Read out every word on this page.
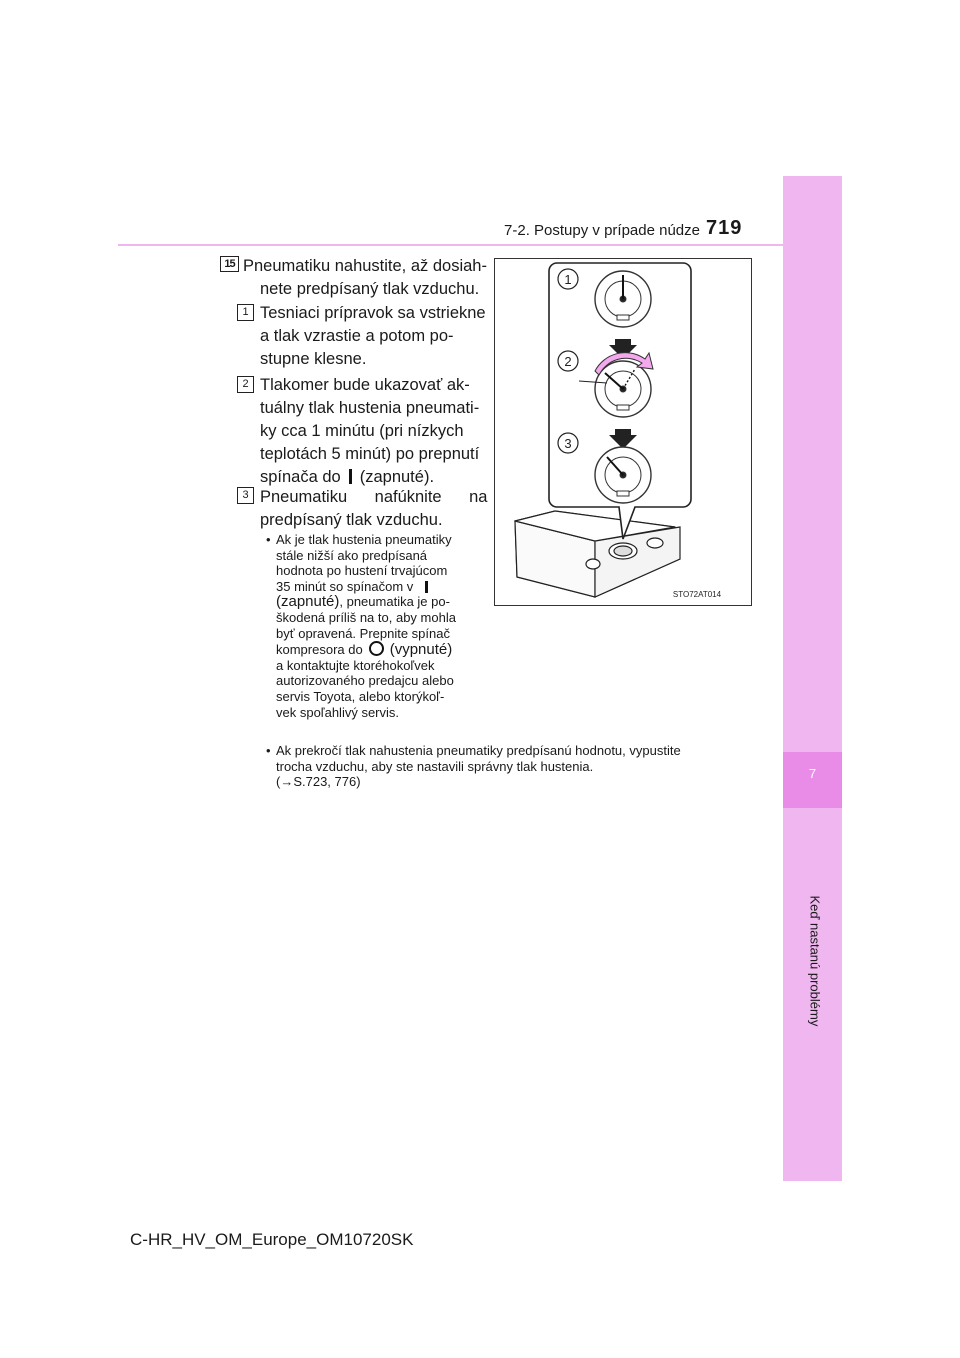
7
Keď nastanú problémy
7-2. Postupy v prípade núdze 719
15 Pneumatiku nahustite, až dosiah-
nete predpísaný tlak vzduchu.
1 Tesniaci prípravok sa vstriekne
a tlak vzrastie a potom po-
stupne klesne.
2 Tlakomer bude ukazovať ak-
tuálny tlak hustenia pneumati-
ky cca 1 minútu (pri nízkych
teplotách 5 minút) po prepnutí
spínača do (zapnuté).
3 Pneumatiku      nafúknite      na
predpísaný tlak vzduchu.
• Ak je tlak hustenia pneumatiky
stále nižší ako predpísaná
hodnota po hustení trvajúcom
35 minút so spínačom v
(zapnuté), pneumatika je po-
škodená príliš na to, aby mohla
byť opravená. Prepnite spínač
kompresora do (vypnuté)
a kontaktujte ktoréhokoľvek
autorizovaného predajcu alebo
servis Toyota, alebo ktorýkoľ-
vek spoľahlivý servis.
• Ak prekročí tlak nahustenia pneumatiky predpísanú hodnotu, vypustite
trocha vzduchu, aby ste nastavili správny tlak hustenia.
(→S.723, 776)
1
2
3
STO72AT014
C-HR_HV_OM_Europe_OM10720SK
